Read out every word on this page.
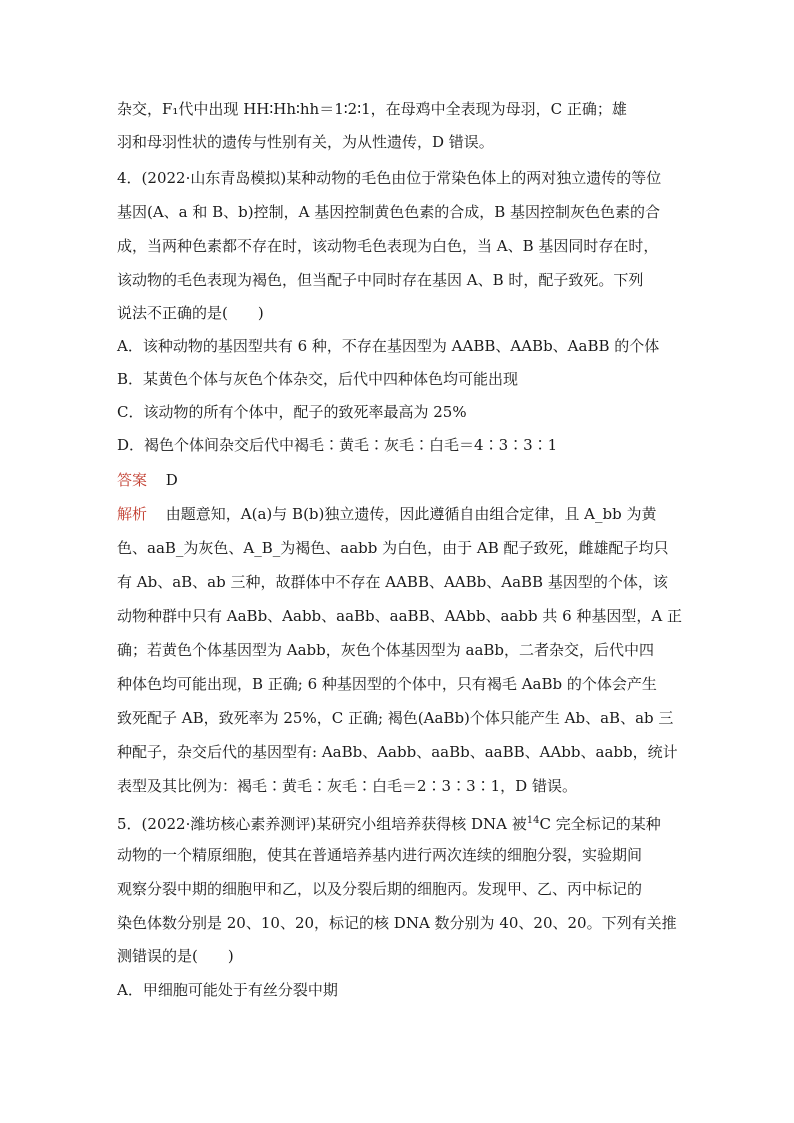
杂交，F₁代中出现 HH∶Hh∶hh＝1∶2∶1，在母鸡中全表现为母羽，C 正确；雄
羽和母羽性状的遗传与性别有关，为从性遗传，D 错误。
4．(2022·山东青岛模拟)某种动物的毛色由位于常染色体上的两对独立遗传的等位
基因(A、a 和 B、b)控制，A 基因控制黄色色素的合成，B 基因控制灰色色素的合
成，当两种色素都不存在时，该动物毛色表现为白色，当 A、B 基因同时存在时，
该动物的毛色表现为褐色，但当配子中同时存在基因 A、B 时，配子致死。下列
说法不正确的是(　　)
A．该种动物的基因型共有 6 种，不存在基因型为 AABB、AABb、AaBB 的个体
B．某黄色个体与灰色个体杂交，后代中四种体色均可能出现
C．该动物的所有个体中，配子的致死率最高为 25%
D．褐色个体间杂交后代中褐毛∶黄毛∶灰毛∶白毛＝4∶3∶3∶1
答案 D
解析 由题意知，A(a)与 B(b)独立遗传，因此遵循自由组合定律，且 A_bb 为黄
色、aaB_为灰色、A_B_为褐色、aabb 为白色，由于 AB 配子致死，雌雄配子均只
有 Ab、aB、ab 三种，故群体中不存在 AABB、AABb、AaBB 基因型的个体，该
动物种群中只有 AaBb、Aabb、aaBb、aaBB、AAbb、aabb 共 6 种基因型，A 正
确；若黄色个体基因型为 Aabb，灰色个体基因型为 aaBb，二者杂交，后代中四
种体色均可能出现，B 正确; 6 种基因型的个体中，只有褐毛 AaBb 的个体会产生
致死配子 AB，致死率为 25%，C 正确; 褐色(AaBb)个体只能产生 Ab、aB、ab 三
种配子，杂交后代的基因型有: AaBb、Aabb、aaBb、aaBB、AAbb、aabb，统计
表型及其比例为：褐毛∶黄毛∶灰毛∶白毛＝2∶3∶3∶1，D 错误。
5．(2022·潍坊核心素养测评)某研究小组培养获得核 DNA 被$^{14}$C 完全标记的某种
动物的一个精原细胞，使其在普通培养基内进行两次连续的细胞分裂，实验期间
观察分裂中期的细胞甲和乙，以及分裂后期的细胞丙。发现甲、乙、丙中标记的
染色体数分别是 20、10、20，标记的核 DNA 数分别为 40、20、20。下列有关推
测错误的是(　　)
A．甲细胞可能处于有丝分裂中期
